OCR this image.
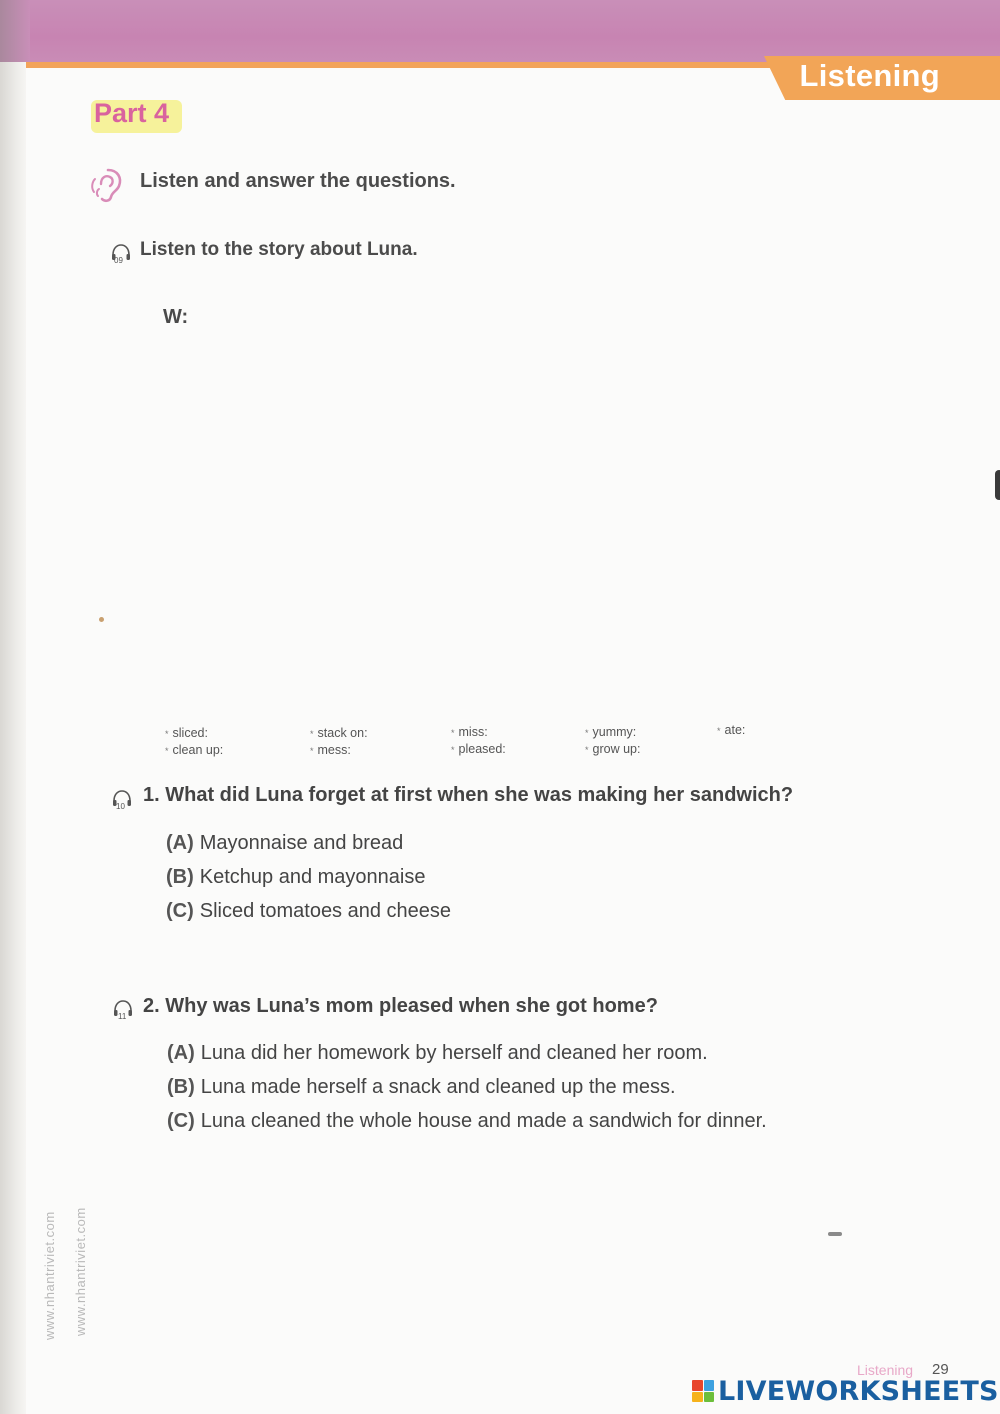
Listening
Part 4
Listen and answer the questions.
09
Listen to the story about Luna.
W:
* sliced:	* stack on:	* miss:	* yummy:	* ate:
* clean up:	* mess:	* pleased:	* grow up:
10
1. What did Luna forget at first when she was making her sandwich?
(A) Mayonnaise and bread
(B) Ketchup and mayonnaise
(C) Sliced tomatoes and cheese
11 2. Why was Luna’s mom pleased when she got home?
(A) Luna did her homework by herself and cleaned her room.
(B) Luna made herself a snack and cleaned up the mess.
(C) Luna cleaned the whole house and made a sandwich for dinner.
www.nhantriviet.com www.nhantriviet.com
Listening 29
LIVEWORKSHEETS
